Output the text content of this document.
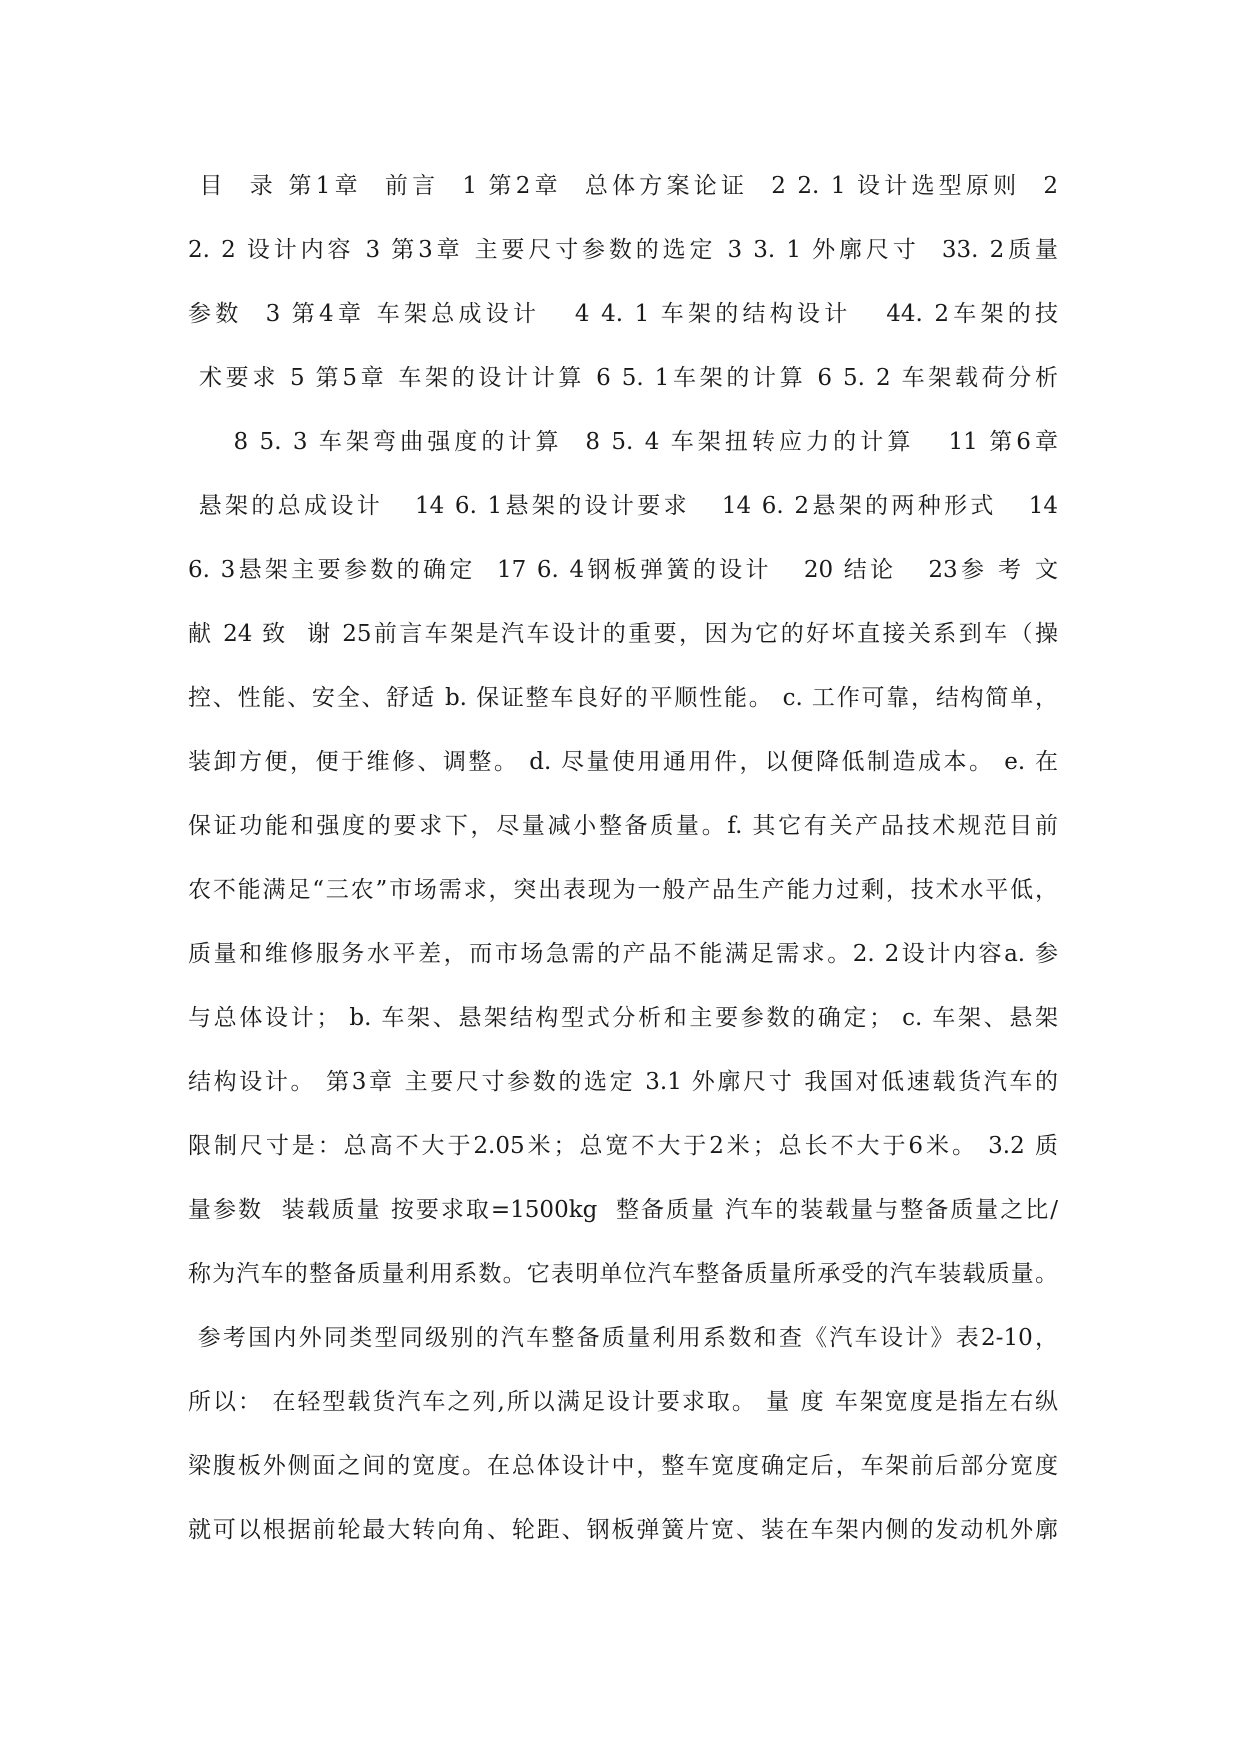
目  录 第1章  前言  1 第2章  总体方案论证  2 2. 1 设计选型原则  2
2. 2 设计内容 3 第3章 主要尺寸参数的选定 3 3. 1 外廓尺寸  33. 2质量
参数  3 第4章 车架总成设计   4 4. 1 车架的结构设计   44. 2车架的技
术要求 5 第5章 车架的设计计算 6 5. 1车架的计算 6 5. 2 车架载荷分析
8 5. 3 车架弯曲强度的计算  8 5. 4 车架扭转应力的计算   11 第6章
悬架的总成设计   14 6. 1悬架的设计要求   14 6. 2悬架的两种形式   14
6. 3悬架主要参数的确定  17 6. 4钢板弹簧的设计   20 结论   23参 考 文
献 24 致  谢 25前言车架是汽车设计的重要，因为它的好坏直接关系到车（操
控、性能、安全、舒适 b. 保证整车良好的平顺性能。 c. 工作可靠，结构简单，
装卸方便，便于维修、调整。 d. 尽量使用通用件，以便降低制造成本。 e. 在
保证功能和强度的要求下，尽量减小整备质量。f. 其它有关产品技术规范目前
农不能满足“三农”市场需求，突出表现为一般产品生产能力过剩，技术水平低，
质量和维修服务水平差，而市场急需的产品不能满足需求。2. 2设计内容a. 参
与总体设计； b. 车架、悬架结构型式分析和主要参数的确定； c. 车架、悬架
结构设计。 第3章 主要尺寸参数的选定 3.1 外廓尺寸 我国对低速载货汽车的
限制尺寸是：总高不大于2.05米；总宽不大于2米；总长不大于6米。 3.2 质
量参数  装载质量 按要求取=1500kg  整备质量 汽车的装载量与整备质量之比/
称为汽车的整备质量利用系数。它表明单位汽车整备质量所承受的汽车装载质量。
参考国内外同类型同级别的汽车整备质量利用系数和查《汽车设计》表2-10，
所以： 在轻型载货汽车之列,所以满足设计要求取。 量 度 车架宽度是指左右纵
梁腹板外侧面之间的宽度。在总体设计中，整车宽度确定后，车架前后部分宽度
就可以根据前轮最大转向角、轮距、钢板弹簧片宽、装在车架内侧的发动机外廓
